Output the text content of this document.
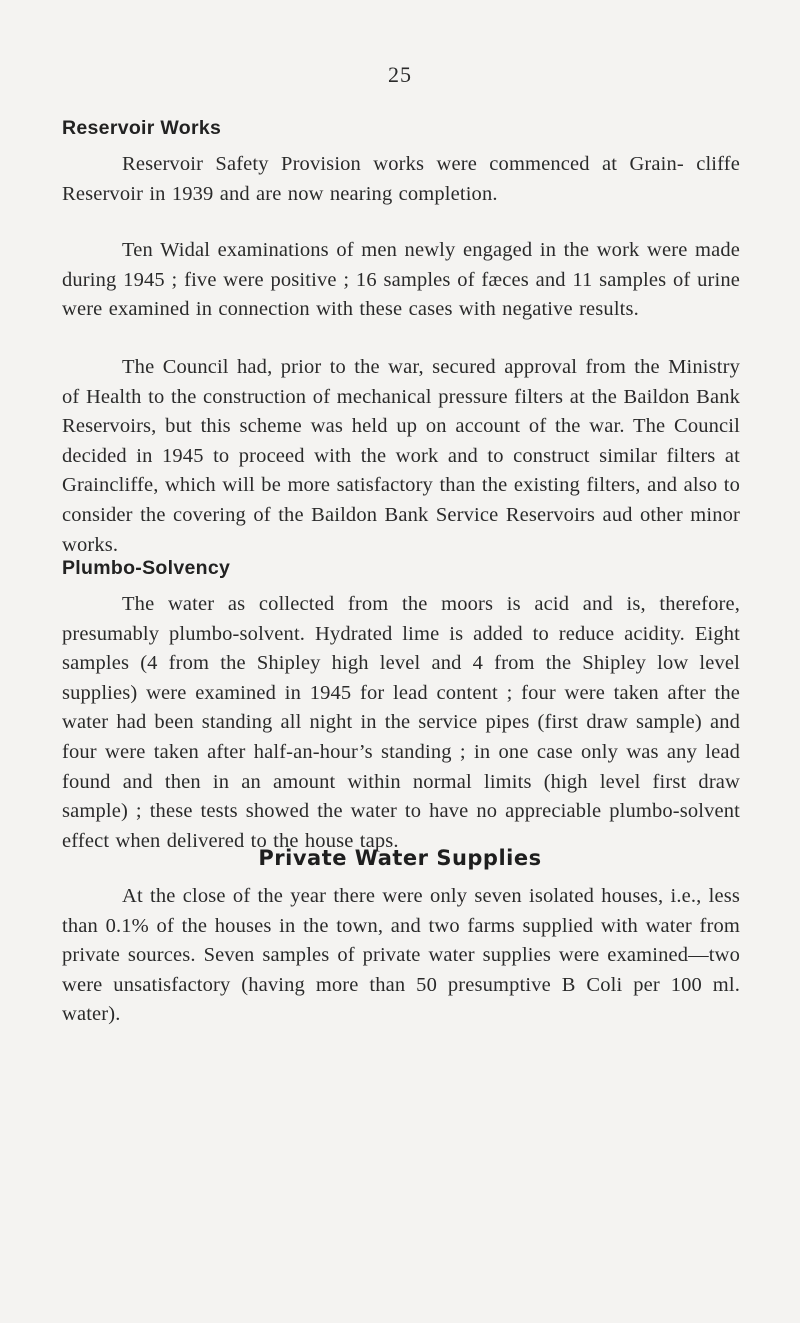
25
Reservoir Works

Reservoir Safety Provision works were commenced at Grain- cliffe Reservoir in 1939 and are now nearing completion.

Ten Widal examinations of men newly engaged in the work were made during 1945 ; five were positive ; 16 samples of fæces and 11 samples of urine were examined in connection with these cases with negative results.

The Council had, prior to the war, secured approval from the Ministry of Health to the construction of mechanical pressure filters at the Baildon Bank Reservoirs, but this scheme was held up on account of the war. The Council decided in 1945 to proceed with the work and to construct similar filters at Graincliffe, which will be more satisfactory than the existing filters, and also to consider the covering of the Baildon Bank Service Reservoirs aud other minor works.

Plumbo-Solvency

The water as collected from the moors is acid and is, therefore, presumably plumbo-solvent. Hydrated lime is added to reduce acidity. Eight samples (4 from the Shipley high level and 4 from the Shipley low level supplies) were examined in 1945 for lead content ; four were taken after the water had been standing all night in the service pipes (first draw sample) and four were taken after half-an-hour’s standing ; in one case only was any lead found and then in an amount within normal limits (high level first draw sample) ; these tests showed the water to have no appreciable plumbo-solvent effect when delivered to the house taps.

Private Water Supplies

At the close of the year there were only seven isolated houses, i.e., less than 0.1% of the houses in the town, and two farms supplied with water from private sources. Seven samples of private water supplies were examined—two were unsatisfactory (having more than 50 presumptive B Coli per 100 ml. water).
